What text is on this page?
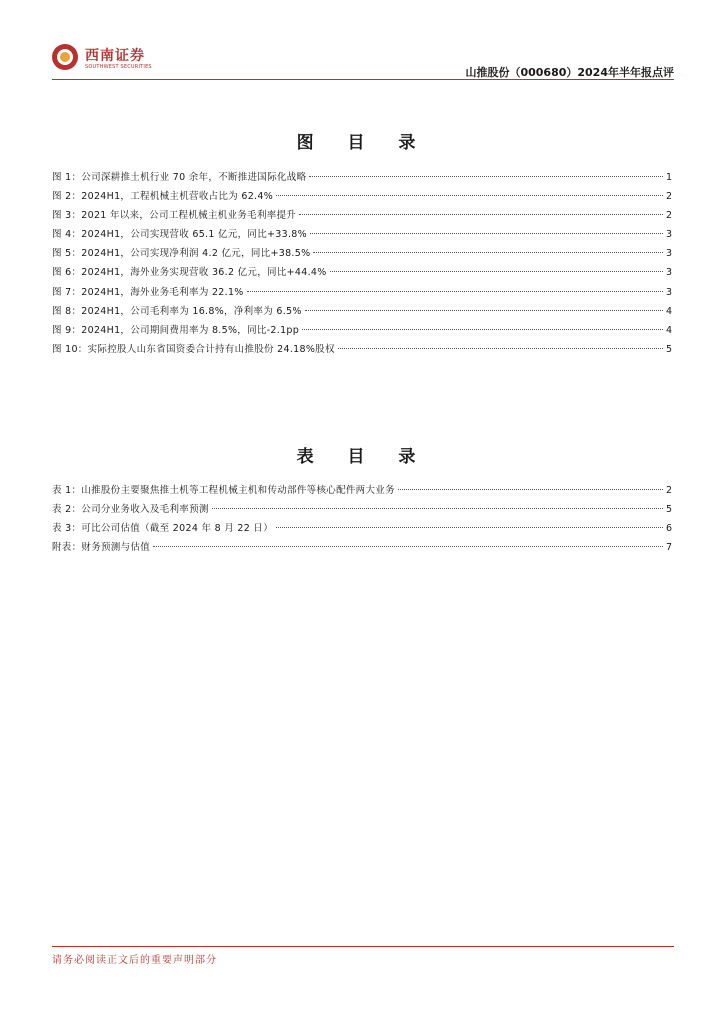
西南证券
SOUTHWEST SECURITIES	山推股份（000680）2024年半年报点评
图 目 录
图 1： 公司深耕推土机行业 70 余年，不断推进国际化战略	1
图 2： 2024H1，工程机械主机营收占比为 62.4%	2
图 3： 2021 年以来，公司工程机械主机业务毛利率提升	2
图 4： 2024H1，公司实现营收 65.1 亿元，同比+33.8%	3
图 5： 2024H1，公司实现净利润 4.2 亿元，同比+38.5%	3
图 6： 2024H1，海外业务实现营收 36.2 亿元，同比+44.4%	3
图 7： 2024H1，海外业务毛利率为 22.1%	3
图 8： 2024H1，公司毛利率为 16.8%，净利率为 6.5%	4
图 9： 2024H1，公司期间费用率为 8.5%，同比-2.1pp	4
图 10： 实际控股人山东省国资委合计持有山推股份 24.18%股权	5
表 目 录
表 1： 山推股份主要聚焦推土机等工程机械主机和传动部件等核心配件两大业务	2
表 2： 公司分业务收入及毛利率预测	5
表 3： 可比公司估值（截至 2024 年 8 月 22 日）	6
附表： 财务预测与估值	7
请务必阅读正文后的重要声明部分
